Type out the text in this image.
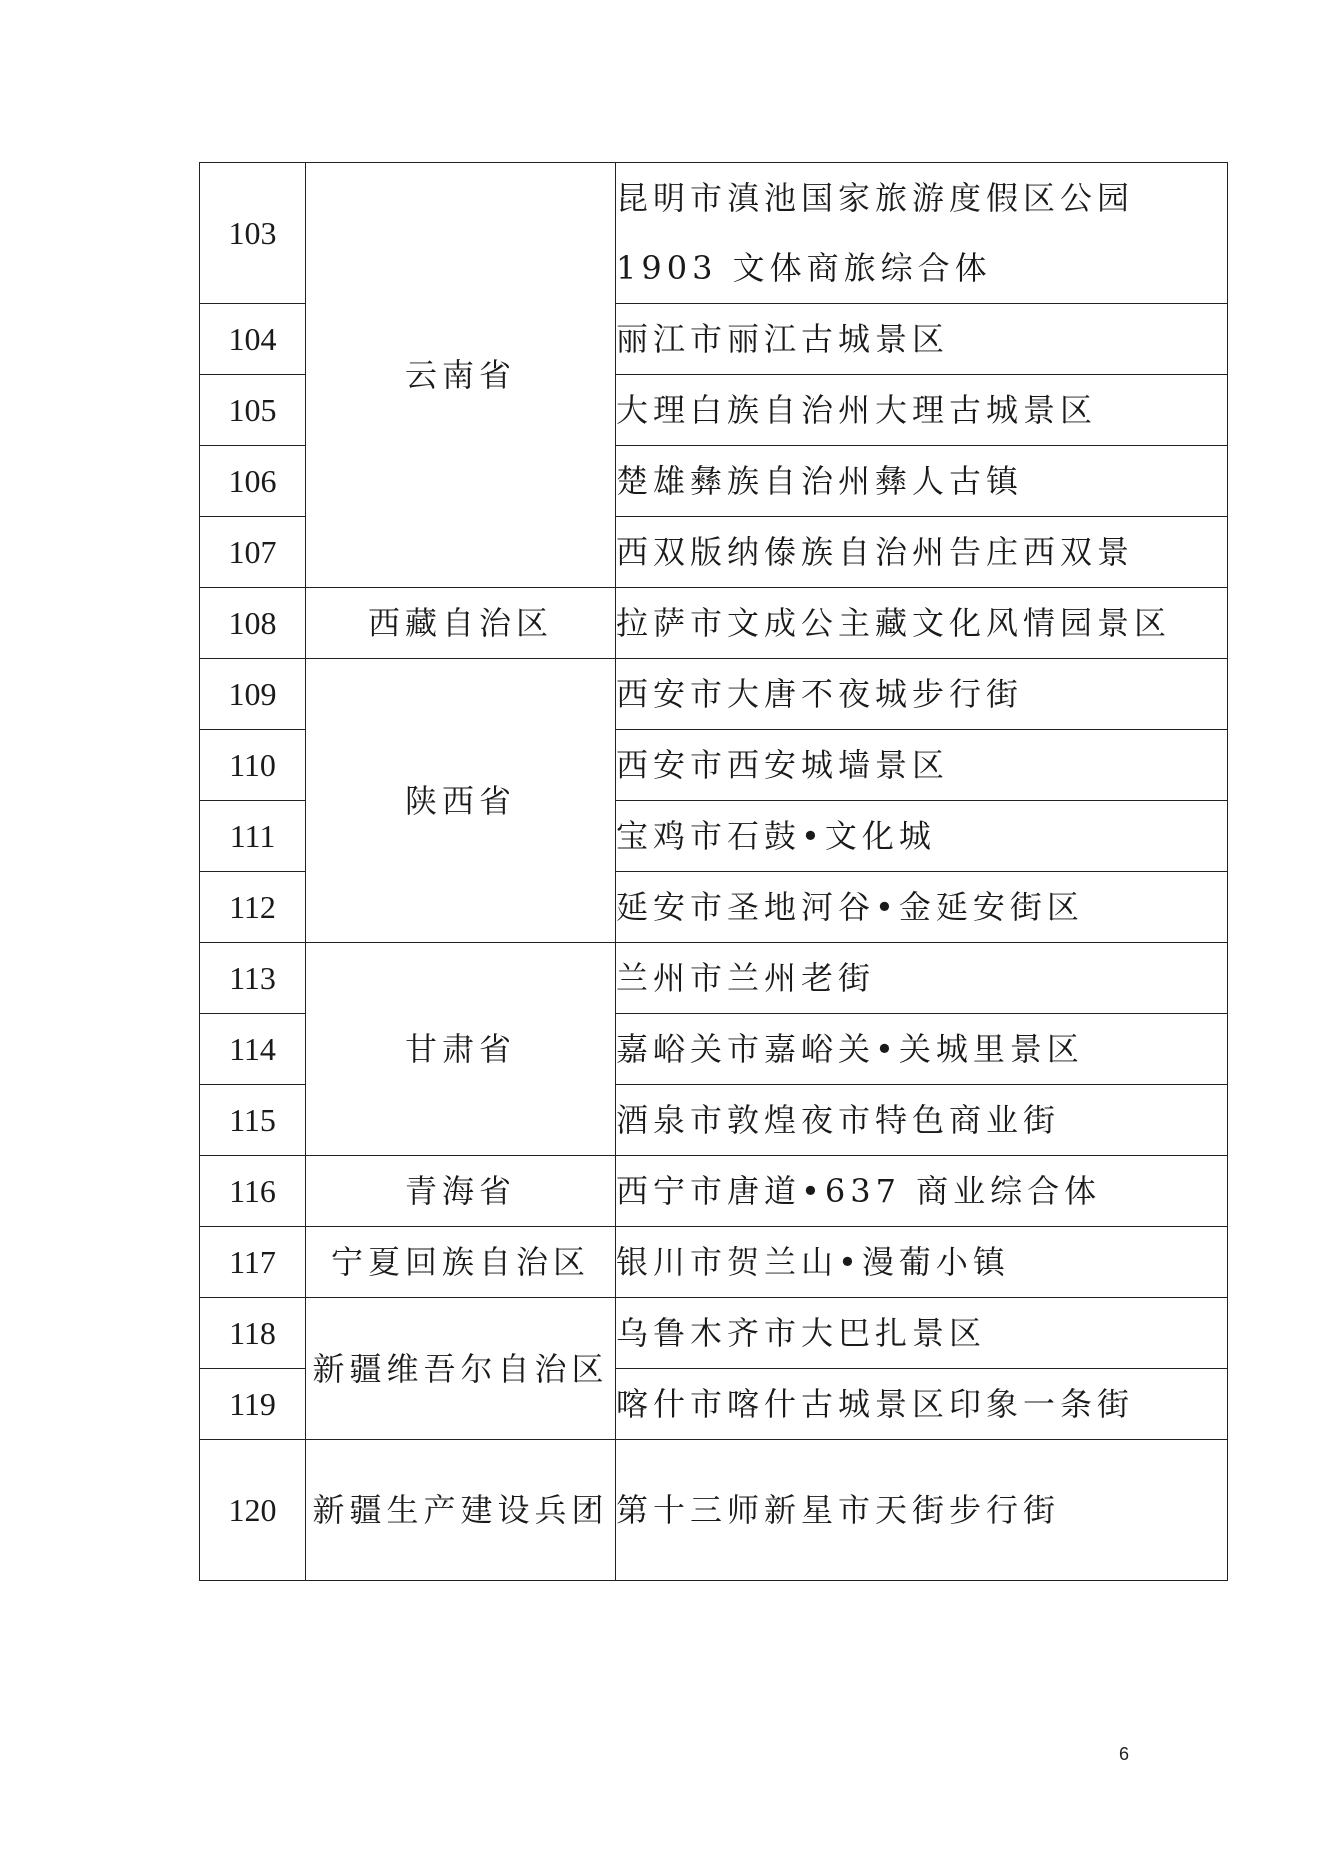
103	云南省	昆明市滇池国家旅游度假区公园 1903 文体商旅综合体
104		丽江市丽江古城景区
105		大理白族自治州大理古城景区
106		楚雄彝族自治州彝人古镇
107		西双版纳傣族自治州告庄西双景
108	西藏自治区	拉萨市文成公主藏文化风情园景区
109	陕西省	西安市大唐不夜城步行街
110		西安市西安城墙景区
111		宝鸡市石鼓•文化城
112		延安市圣地河谷•金延安街区
113	甘肃省	兰州市兰州老街
114		嘉峪关市嘉峪关•关城里景区
115		酒泉市敦煌夜市特色商业街
116	青海省	西宁市唐道•637 商业综合体
117	宁夏回族自治区	银川市贺兰山•漫葡小镇
118	新疆维吾尔自治区	乌鲁木齐市大巴扎景区
119		喀什市喀什古城景区印象一条街
120	新疆生产建设兵团	第十三师新星市天街步行街
6
